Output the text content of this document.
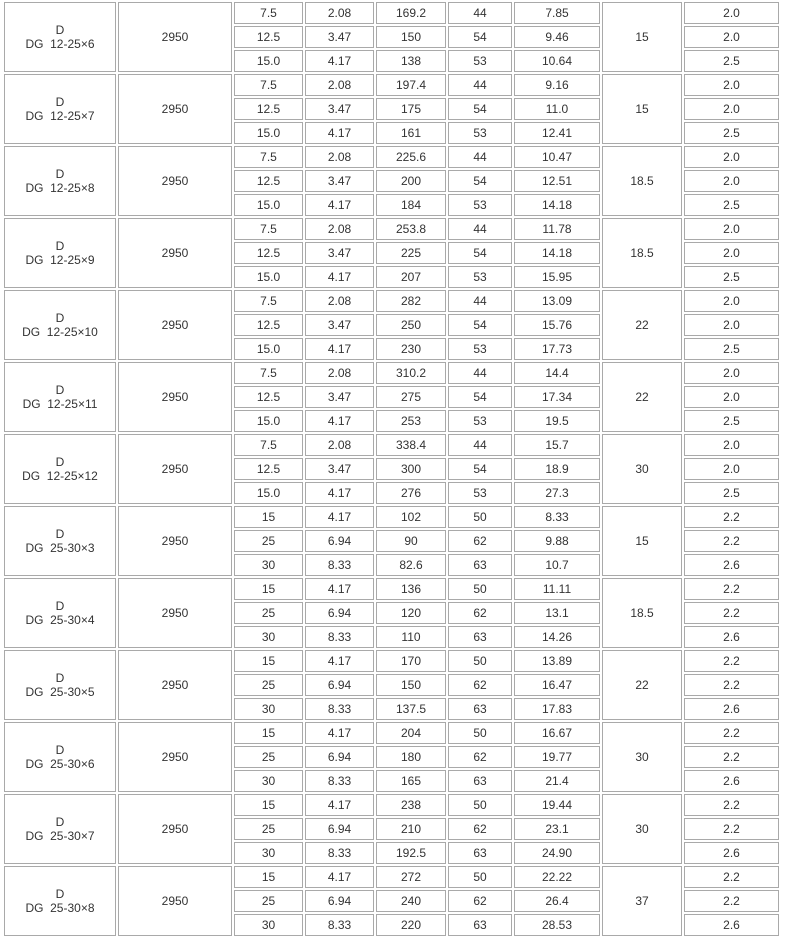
D
DG  12-25×6	2950	7.5	2.08	169.2	44	7.85	15	2.0
		12.5	3.47	150	54	9.46		2.0
		15.0	4.17	138	53	10.64		2.5

D
DG  12-25×7	2950	7.5	2.08	197.4	44	9.16	15	2.0
		12.5	3.47	175	54	11.0		2.0
		15.0	4.17	161	53	12.41		2.5

D
DG  12-25×8	2950	7.5	2.08	225.6	44	10.47	18.5	2.0
		12.5	3.47	200	54	12.51		2.0
		15.0	4.17	184	53	14.18		2.5

D
DG  12-25×9	2950	7.5	2.08	253.8	44	11.78	18.5	2.0
		12.5	3.47	225	54	14.18		2.0
		15.0	4.17	207	53	15.95		2.5

D
DG  12-25×10	2950	7.5	2.08	282	44	13.09	22	2.0
		12.5	3.47	250	54	15.76		2.0
		15.0	4.17	230	53	17.73		2.5

D
DG  12-25×11	2950	7.5	2.08	310.2	44	14.4	22	2.0
		12.5	3.47	275	54	17.34		2.0
		15.0	4.17	253	53	19.5		2.5

D
DG  12-25×12	2950	7.5	2.08	338.4	44	15.7	30	2.0
		12.5	3.47	300	54	18.9		2.0
		15.0	4.17	276	53	27.3		2.5

D
DG  25-30×3	2950	15	4.17	102	50	8.33	15	2.2
		25	6.94	90	62	9.88		2.2
		30	8.33	82.6	63	10.7		2.6

D
DG  25-30×4	2950	15	4.17	136	50	11.11	18.5	2.2
		25	6.94	120	62	13.1		2.2
		30	8.33	110	63	14.26		2.6

D
DG  25-30×5	2950	15	4.17	170	50	13.89	22	2.2
		25	6.94	150	62	16.47		2.2
		30	8.33	137.5	63	17.83		2.6

D
DG  25-30×6	2950	15	4.17	204	50	16.67	30	2.2
		25	6.94	180	62	19.77		2.2
		30	8.33	165	63	21.4		2.6

D
DG  25-30×7	2950	15	4.17	238	50	19.44	30	2.2
		25	6.94	210	62	23.1		2.2
		30	8.33	192.5	63	24.90		2.6

D
DG  25-30×8	2950	15	4.17	272	50	22.22	37	2.2
		25	6.94	240	62	26.4		2.2
		30	8.33	220	63	28.53		2.6
